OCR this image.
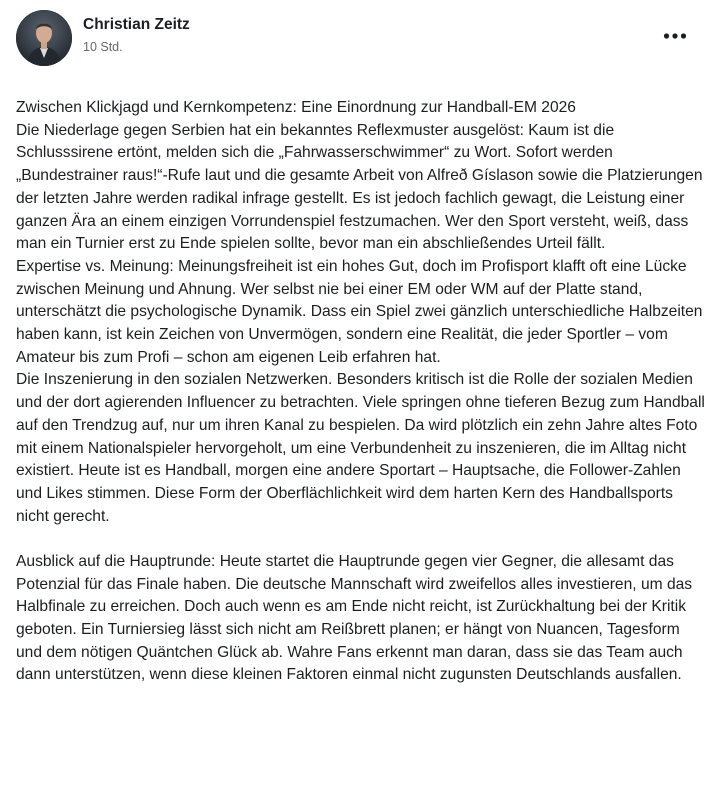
Christian Zeitz
10 Std.

Zwischen Klickjagd und Kernkompetenz: Eine Einordnung zur Handball-EM 2026

Die Niederlage gegen Serbien hat ein bekanntes Reflexmuster ausgelöst: Kaum ist die Schlusssirene ertönt, melden sich die „Fahrwasserschwimmer“ zu Wort. Sofort werden „Bundestrainer raus!“-Rufe laut und die gesamte Arbeit von Alfreð Gíslason sowie die Platzierungen der letzten Jahre werden radikal infrage gestellt. Es ist jedoch fachlich gewagt, die Leistung einer ganzen Ära an einem einzigen Vorrundenspiel festzumachen. Wer den Sport versteht, weiß, dass man ein Turnier erst zu Ende spielen sollte, bevor man ein abschließendes Urteil fällt.

Expertise vs. Meinung: Meinungsfreiheit ist ein hohes Gut, doch im Profisport klafft oft eine Lücke zwischen Meinung und Ahnung. Wer selbst nie bei einer EM oder WM auf der Platte stand, unterschätzt die psychologische Dynamik. Dass ein Spiel zwei gänzlich unterschiedliche Halbzeiten haben kann, ist kein Zeichen von Unvermögen, sondern eine Realität, die jeder Sportler – vom Amateur bis zum Profi – schon am eigenen Leib erfahren hat.

Die Inszenierung in den sozialen Netzwerken. Besonders kritisch ist die Rolle der sozialen Medien und der dort agierenden Influencer zu betrachten. Viele springen ohne tieferen Bezug zum Handball auf den Trendzug auf, nur um ihren Kanal zu bespielen. Da wird plötzlich ein zehn Jahre altes Foto mit einem Nationalspieler hervorgeholt, um eine Verbundenheit zu inszenieren, die im Alltag nicht existiert. Heute ist es Handball, morgen eine andere Sportart – Hauptsache, die Follower-Zahlen und Likes stimmen. Diese Form der Oberflächlichkeit wird dem harten Kern des Handballsports nicht gerecht.

Ausblick auf die Hauptrunde: Heute startet die Hauptrunde gegen vier Gegner, die allesamt das Potenzial für das Finale haben. Die deutsche Mannschaft wird zweifellos alles investieren, um das Halbfinale zu erreichen. Doch auch wenn es am Ende nicht reicht, ist Zurückhaltung bei der Kritik geboten. Ein Turniersieg lässt sich nicht am Reißbrett planen; er hängt von Nuancen, Tagesform und dem nötigen Quäntchen Glück ab. Wahre Fans erkennt man daran, dass sie das Team auch dann unterstützen, wenn diese kleinen Faktoren einmal nicht zugunsten Deutschlands ausfallen.
